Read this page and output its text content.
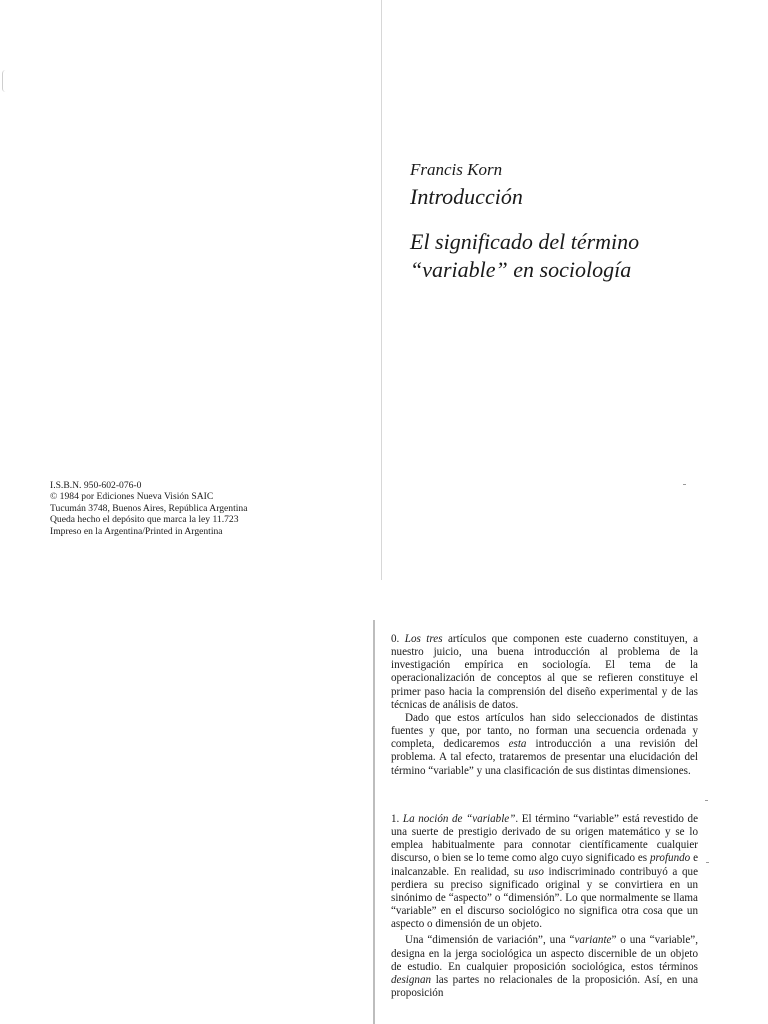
Francis Korn
Introducción
El significado del término
“variable” en sociología
I.S.B.N. 950-602-076-0
© 1984 por Ediciones Nueva Visión SAIC
Tucumán 3748, Buenos Aires, República Argentina
Queda hecho el depósito que marca la ley 11.723
Impreso en la Argentina/Printed in Argentina

0. Los tres artículos que componen este cuaderno constituyen, a nuestro juicio, una buena introducción al problema de la investigación empírica en sociología. El tema de la operacionalización de conceptos al que se refieren constituye el primer paso hacia la comprensión del diseño experimental y de las técnicas de análisis de datos.

Dado que estos artículos han sido seleccionados de distintas fuentes y que, por tanto, no forman una secuencia ordenada y completa, dedicaremos esta introducción a una revisión del problema. A tal efecto, trataremos de presentar una elucidación del término “variable” y una clasificación de sus distintas dimensiones.

1. La noción de “variable”. El término “variable” está revestido de una suerte de prestigio derivado de su origen matemático y se lo emplea habitualmente para connotar científicamente cualquier discurso, o bien se lo teme como algo cuyo significado es profundo e inalcanzable. En realidad, su uso indiscriminado contribuyó a que perdiera su preciso significado original y se convirtiera en un sinónimo de “aspecto” o “dimensión”. Lo que normalmente se llama “variable” en el discurso sociológico no significa otra cosa que un aspecto o dimensión de un objeto.

Una “dimensión de variación”, una “variante” o una “variable”, designa en la jerga sociológica un aspecto discernible de un objeto de estudio. En cualquier proposición sociológica, estos términos designan las partes no relacionales de la proposición. Así, en una proposición
